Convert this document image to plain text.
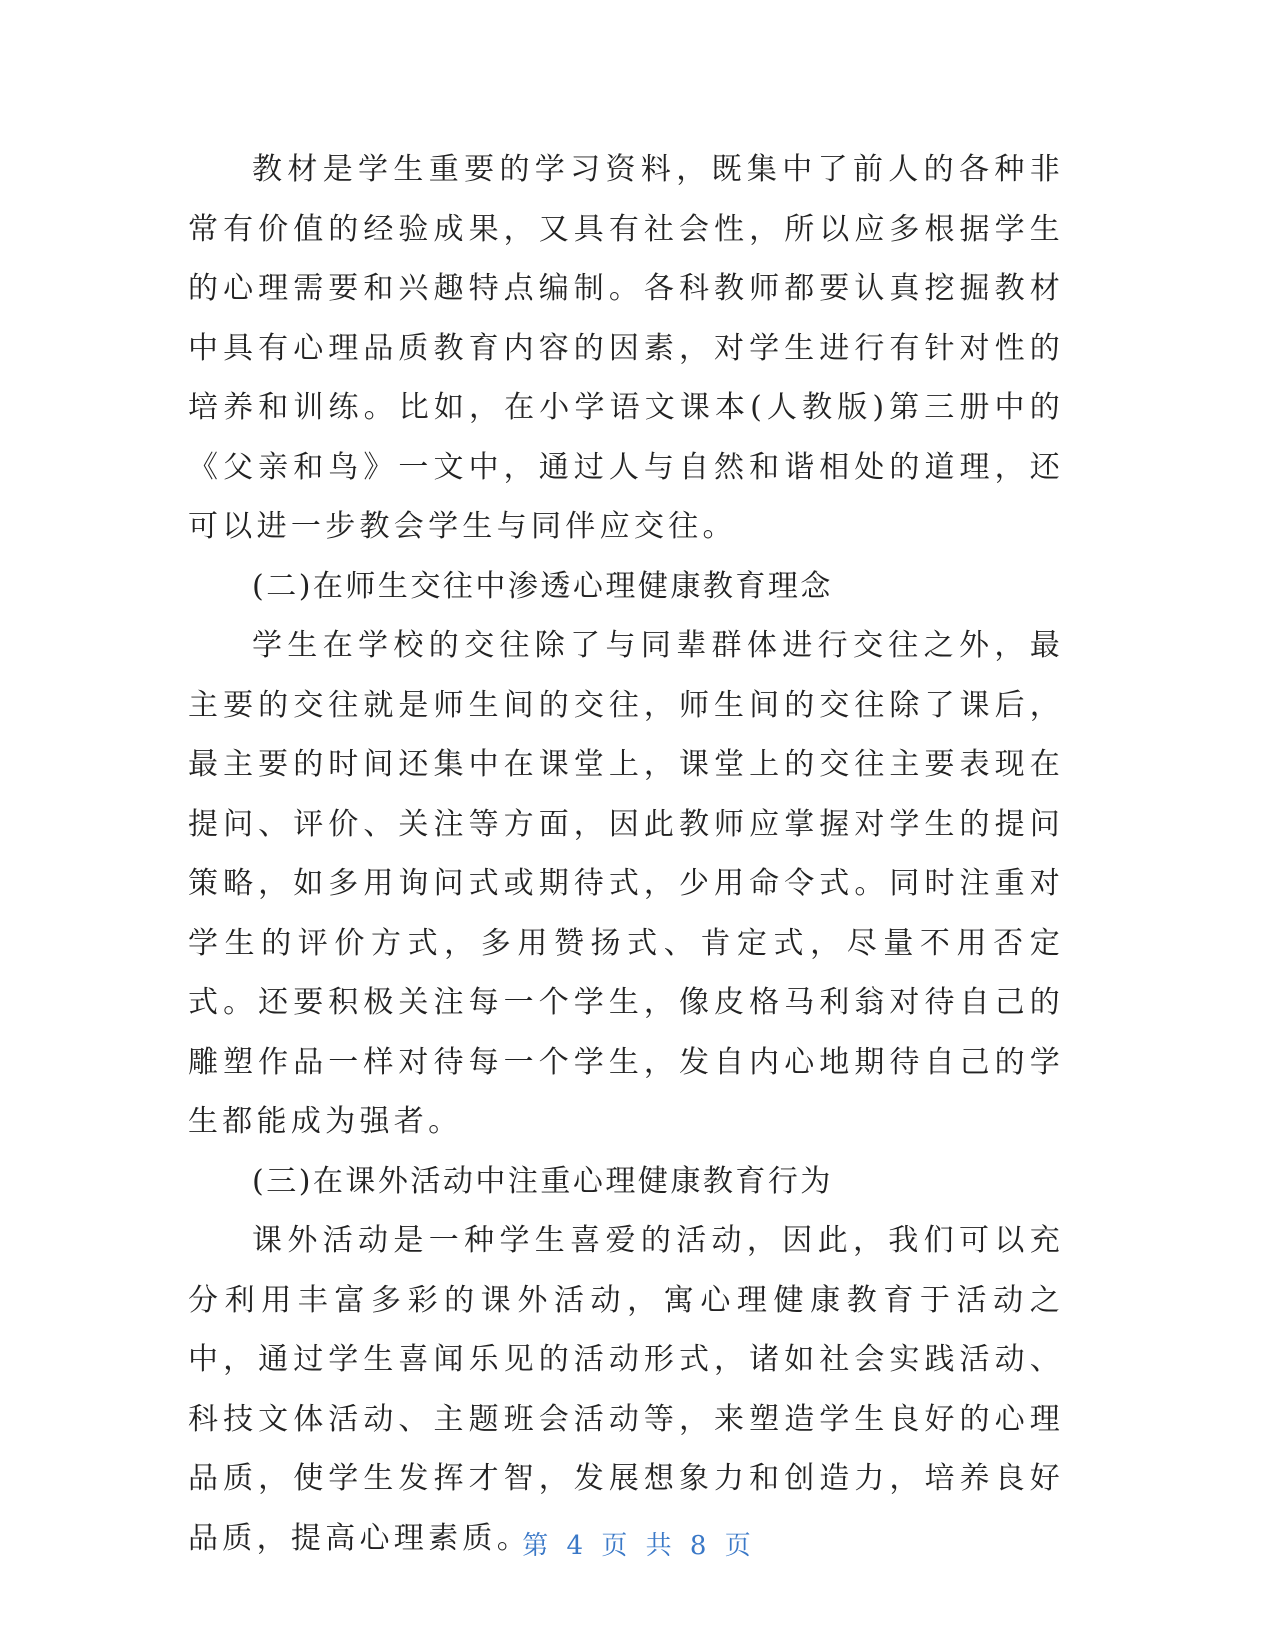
教材是学生重要的学习资料，既集中了前人的各种非常有价值的经验成果，又具有社会性，所以应多根据学生的心理需要和兴趣特点编制。各科教师都要认真挖掘教材中具有心理品质教育内容的因素，对学生进行有针对性的培养和训练。比如，在小学语文课本(人教版)第三册中的《父亲和鸟》一文中，通过人与自然和谐相处的道理，还可以进一步教会学生与同伴应交往。

(二)在师生交往中渗透心理健康教育理念

学生在学校的交往除了与同辈群体进行交往之外，最主要的交往就是师生间的交往，师生间的交往除了课后，最主要的时间还集中在课堂上，课堂上的交往主要表现在提问、评价、关注等方面，因此教师应掌握对学生的提问策略，如多用询问式或期待式，少用命令式。同时注重对学生的评价方式，多用赞扬式、肯定式，尽量不用否定式。还要积极关注每一个学生，像皮格马利翁对待自己的雕塑作品一样对待每一个学生，发自内心地期待自己的学生都能成为强者。

(三)在课外活动中注重心理健康教育行为

课外活动是一种学生喜爱的活动，因此，我们可以充分利用丰富多彩的课外活动，寓心理健康教育于活动之中，通过学生喜闻乐见的活动形式，诸如社会实践活动、科技文体活动、主题班会活动等，来塑造学生良好的心理品质，使学生发挥才智，发展想象力和创造力，培养良好品质，提高心理素质。

第 4 页 共 8 页
